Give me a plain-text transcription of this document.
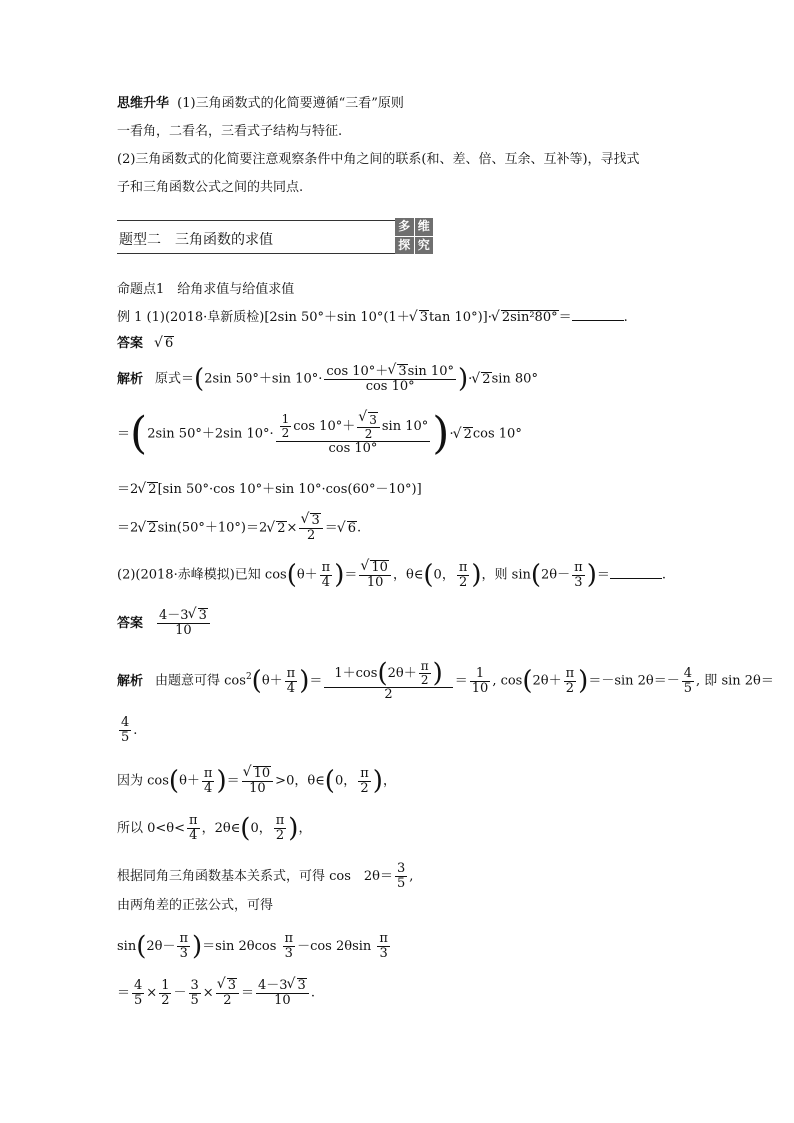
思维升华 (1)三角函数式的化简要遵循“三看”原则
一看角，二看名，三看式子结构与特征.
(2)三角函数式的化简要注意观察条件中角之间的联系(和、差、倍、互余、互补等)，寻找式
子和三角函数公式之间的共同点.
题型二　三角函数的求值
多 维
探 究
命题点1　给角求值与给值求值
例 1 (1)(2018·阜新质检)[2sin 50°＋sin 10°(1＋√ 3tan 10°)]·√ 2sin²80°＝	.
答案√ 6
解析 原式＝(2sin 50°＋sin $10^\circ\cdot \frac{\cos 10^\circ+√ 3\sin 10^\circ}{\cos 10^\circ}$ )·√ 2sin 80°
＝(2sin 50°＋2sin $10^\circ\cdot \frac{1}{2}$ cos 10°＋
√ $\frac{3}{2}$ sin 10°
cos 10° )·√ 2cos 10°
＝2√ 2[sin 50°·cos 10°＋sin 10°·cos(60°－10°)]
＝2√ 2sin(50°＋10°)＝2√ 2×
√ $\frac{3}{2}$ ＝√ 6.
(2)(2018·赤峰模拟)已知 $\cos(\theta+ \frac{\pi}{4}$ )＝
√ $\frac{10}{10}$ ，θ∈(0， $\frac{\pi}{2}$ )，则 $\sin(2\theta- \frac{\pi}{3}$ )＝	.
答案 $\frac{4-3√ 3}{10}$
解析 由题意可得 $\cos^2(\theta+ \frac{\pi}{4}$ )＝ $\frac{1+\cos(2\theta+ \frac{\pi}{2} )}{2} = \frac{1}{10}$ , $\cos(2\theta+ \frac{\pi}{2} )=-\sin$ $2\theta=- \frac{4}{5}$ , 即 sin 2θ＝
$\frac{4}{5}$ .
因为 $\cos(\theta+ \frac{\pi}{4}$ )＝
√ $\frac{10}{10} >0$，θ∈(0， $\frac{\pi}{2}$ )，
所以 $0<\theta< \frac{\pi}{4}$ ，2θ∈(0， $\frac{\pi}{2}$ )，
根据同角三角函数基本关系式，可得 cos　$2\theta= \frac{3}{5}$ ,
由两角差的正弦公式，可得
$\sin(2\theta- \frac{\pi}{3} )=\sin$ $2\theta\cos \frac{\pi}{3} -\cos$ $2\theta\sin \frac{\pi}{3}$
＝ $\frac{4}{5} \times \frac{1}{2} - \frac{3}{5}$ ×
√ $\frac{3}{2} = \frac{4-3√ 3}{10}$ .
